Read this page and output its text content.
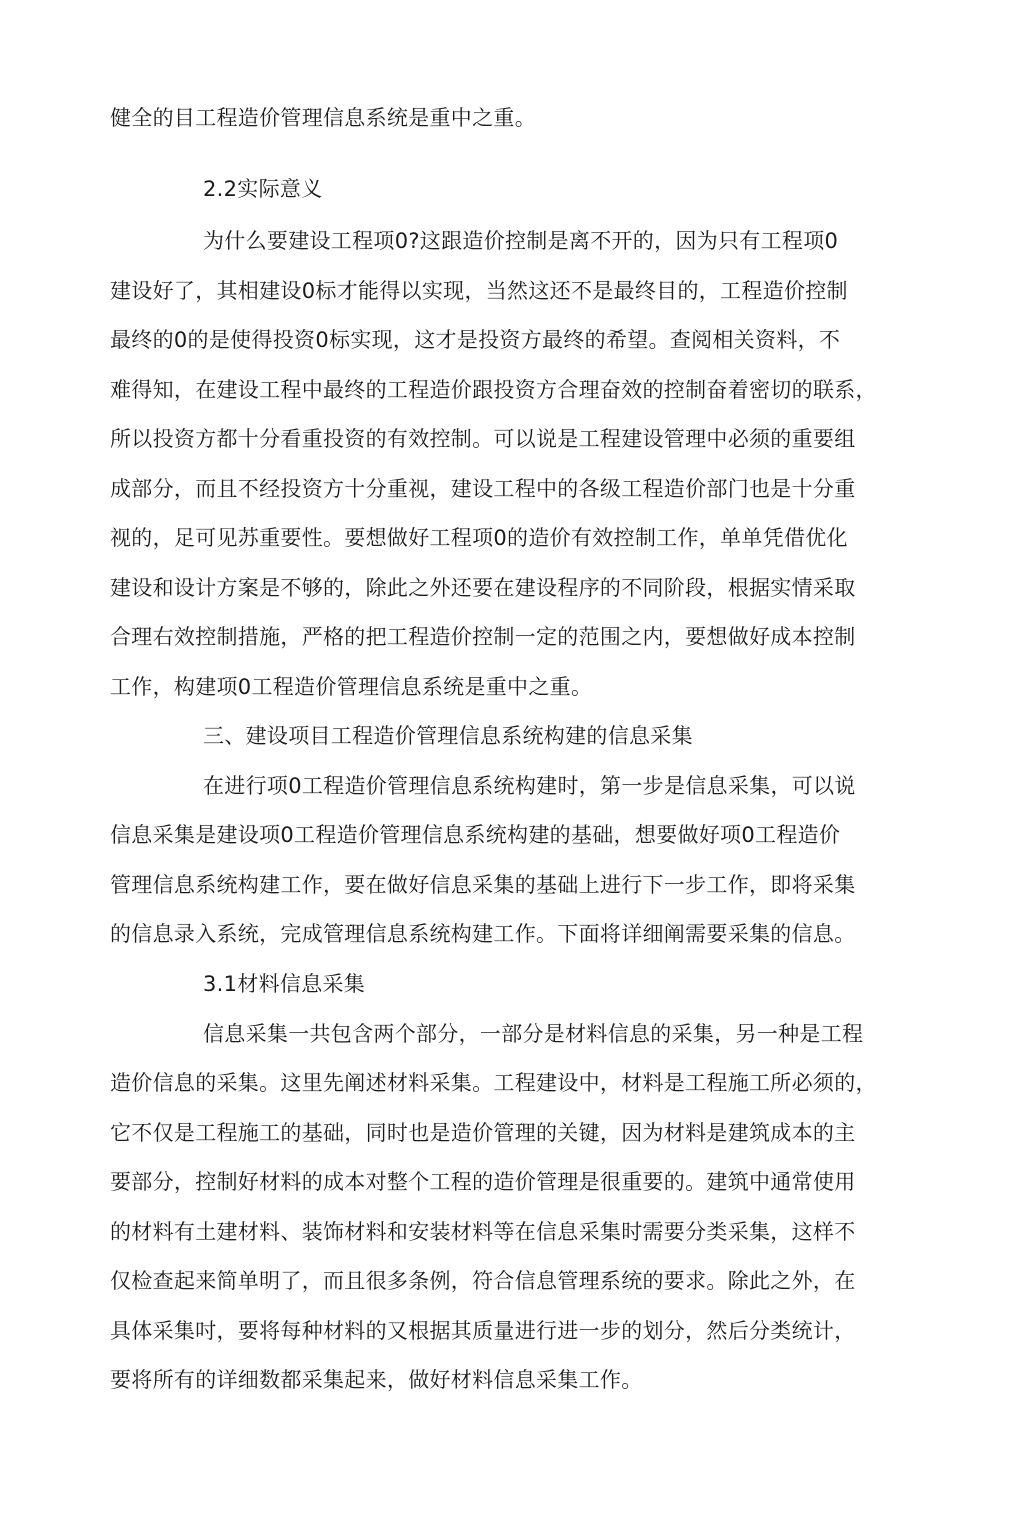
健全的目工程造价管理信息系统是重中之重。
2.2实际意义
为什么要建设工程项0?这跟造价控制是离不开的，因为只有工程项0
建设好了，其相建设0标才能得以实现，当然这还不是最终目的，工程造价控制
最终的0的是使得投资0标实现，这才是投资方最终的希望。查阅相关资料，不
难得知，在建设工程中最终的工程造价跟投资方合理奋效的控制奋着密切的联系，
所以投资方都十分看重投资的有效控制。可以说是工程建设管理中必须的重要组
成部分，而且不经投资方十分重视，建设工程中的各级工程造价部门也是十分重
视的，足可见苏重要性。要想做好工程项0的造价有效控制工作，单单凭借优化
建设和设计方案是不够的，除此之外还要在建设程序的不同阶段，根据实情采取
合理右效控制措施，严格的把工程造价控制一定的范围之内，要想做好成本控制
工作，构建项0工程造价管理信息系统是重中之重。
三、建设项目工程造价管理信息系统构建的信息采集
在进行项0工程造价管理信息系统构建时，第一步是信息采集，可以说
信息采集是建设项0工程造价管理信息系统构建的基础，想要做好项0工程造价
管理信息系统构建工作，要在做好信息采集的基础上进行下一步工作，即将采集
的信息录入系统，完成管理信息系统构建工作。下面将详细阐需要采集的信息。
3.1材料信息采集
信息采集一共包含两个部分，一部分是材料信息的采集，另一种是工程
造价信息的采集。这里先阐述材料采集。工程建设中，材料是工程施工所必须的，
它不仅是工程施工的基础，同时也是造价管理的关键，因为材料是建筑成本的主
要部分，控制好材料的成本对整个工程的造价管理是很重要的。建筑中通常使用
的材料有土建材料、装饰材料和安装材料等在信息采集时需要分类采集，这样不
仅检查起来简单明了，而且很多条例，符合信息管理系统的要求。除此之外，在
具体采集吋，要将每种材料的又根据其质量进行进一步的划分，然后分类统计，
要将所有的详细数都采集起来，做好材料信息采集工作。
